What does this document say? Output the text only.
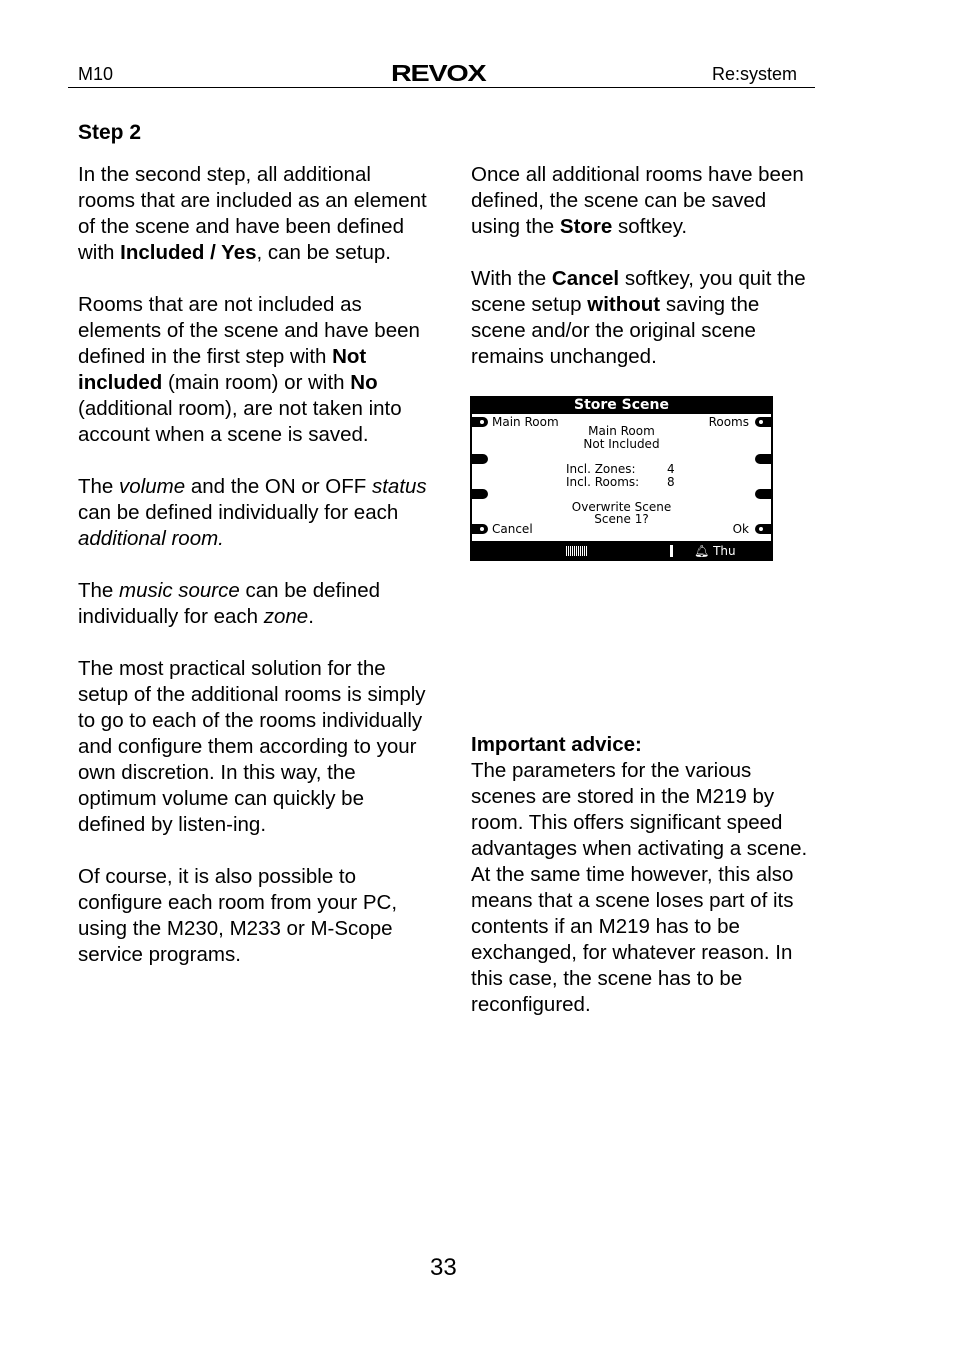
M10	REVOX	Re:system
Step 2

In the second step, all additional rooms that are included as an element of the scene and have been defined with Included / Yes, can be setup.

Rooms that are not included as elements of the scene and have been defined in the first step with Not included (main room) or with No (additional room), are not taken into account when a scene is saved.

The volume and the ON or OFF status can be defined individually for each additional room.

The music source can be defined individually for each zone.

The most practical solution for the setup of the additional rooms is simply to go to each of the rooms individually and configure them according to your own discretion. In this way, the optimum volume can quickly be defined by listen-ing.

Of course, it is also possible to configure each room from your PC, using the M230, M233 or M-Scope service programs.

Once all additional rooms have been defined, the scene can be saved using the Store softkey.

With the Cancel softkey, you quit the scene setup without saving the scene and/or the original scene remains unchanged.

Store Scene
Main Room	Rooms
Main Room
Not Included
Incl. Zones:	4
Incl. Rooms: 8
Overwrite Scene
Scene 1?
Cancel	Ok
🔔︎ Thu 14:25
Important advice:
The parameters for the various scenes are stored in the M219 by room. This offers significant speed advantages when activating a scene. At the same time however, this also means that a scene loses part of its contents if an M219 has to be exchanged, for whatever reason. In this case, the scene has to be reconfigured.
33
